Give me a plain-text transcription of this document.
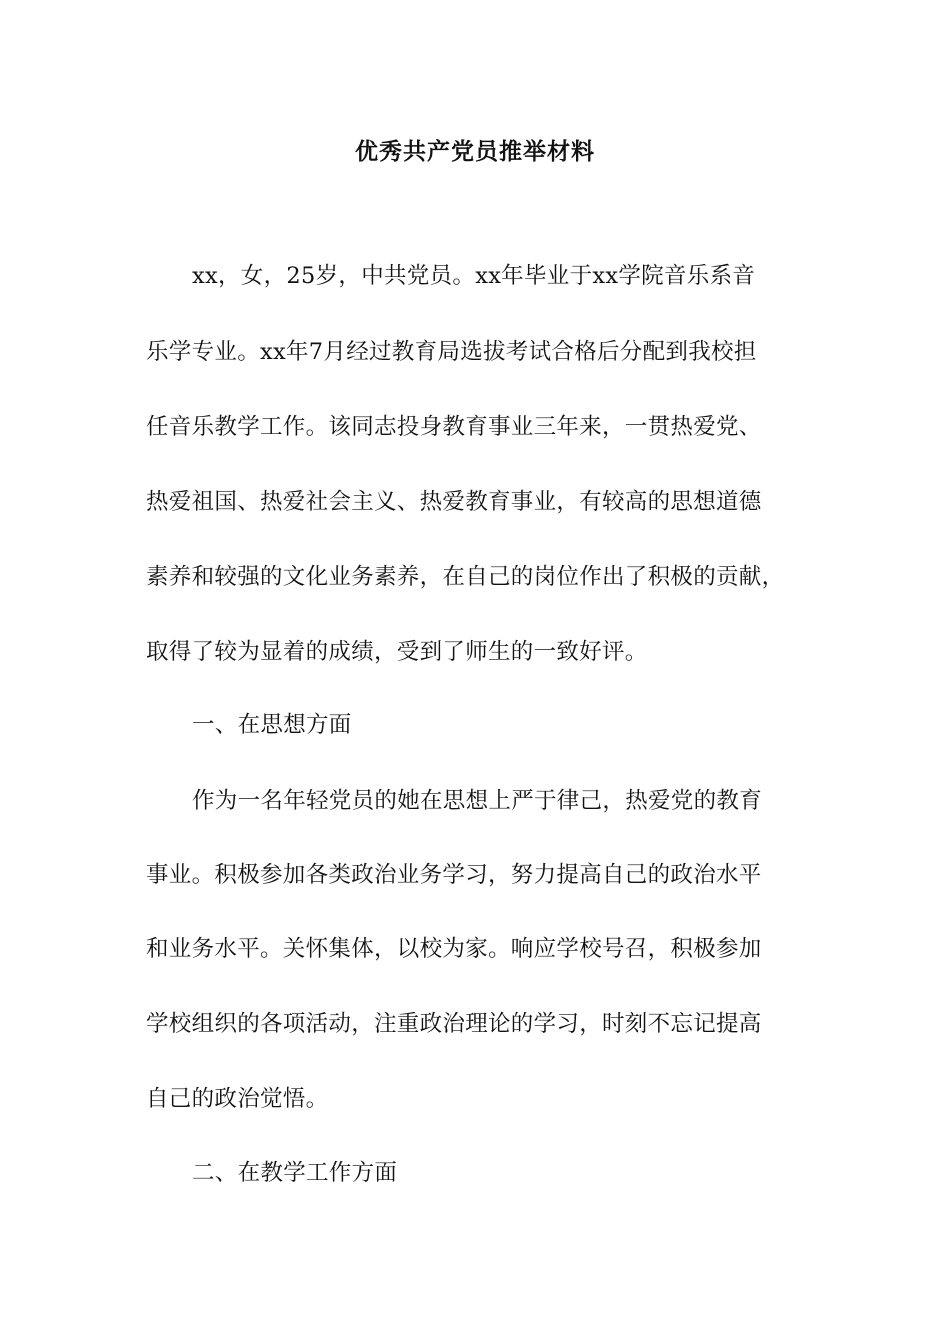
优秀共产党员推举材料
xx，女，25岁，中共党员。xx年毕业于xx学院音乐系音
乐学专业。xx年7月经过教育局选拔考试合格后分配到我校担
任音乐教学工作。该同志投身教育事业三年来，一贯热爱党、
热爱祖国、热爱社会主义、热爱教育事业，有较高的思想道德
素养和较强的文化业务素养，在自己的岗位作出了积极的贡献，
取得了较为显着的成绩，受到了师生的一致好评。
一、在思想方面
作为一名年轻党员的她在思想上严于律己，热爱党的教育
事业。积极参加各类政治业务学习，努力提高自己的政治水平
和业务水平。关怀集体，以校为家。响应学校号召，积极参加
学校组织的各项活动，注重政治理论的学习，时刻不忘记提高
自己的政治觉悟。
二、在教学工作方面
